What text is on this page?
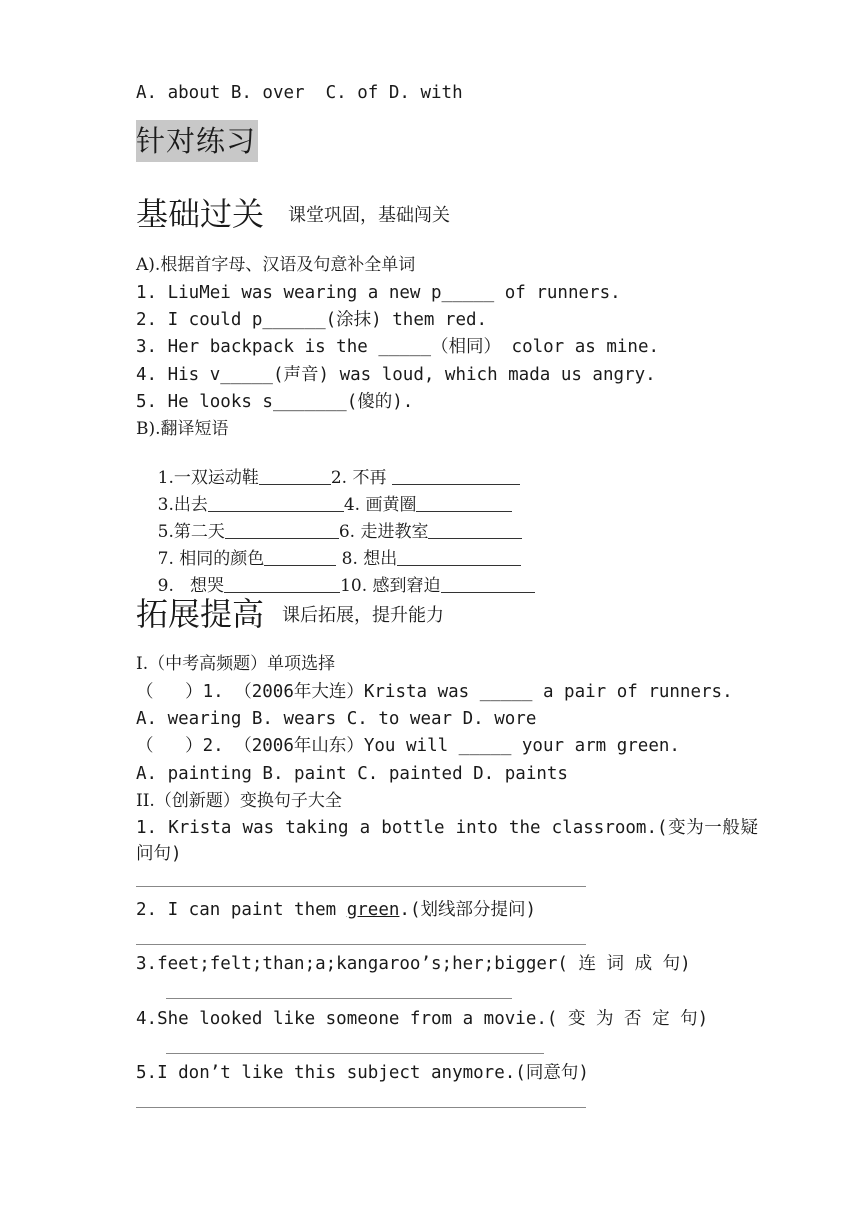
A. about B. over  C. of D. with
针对练习
基础过关 $^{课堂巩固,基础闯关}$
A).根据首字母、汉语及句意补全单词
1. LiuMei was wearing a new p_____ of runners.
2. I could p______(涂抹) them red.
3. Her backpack is the _____（相同） color as mine.
4. His v_____(声音) was loud, which mada us angry.
5. He looks s_______(傻的).
B).翻译短语

1.一双运动鞋	2. 不再

3.出去	4. 画黄圈

5.第二天	6. 走进教室

7. 相同的颜色	8. 想出

9.   想哭	10. 感到窘迫

拓展提高 $^{课后拓展,提升能力}$
Ⅰ.（中考高频题）单项选择
（   ）1. （2006年大连）Krista was _____ a pair of runners.
A. wearing B. wears C. to wear D. wore
（   ）2. （2006年山东）You will _____ your arm green.
A. painting B. paint C. painted D. paints
II.（创新题）变换句子大全
1. Krista was taking a bottle into the classroom.(变为一般疑问句)
2. I can paint them green.(划线部分提问)
3.feet;felt;than;a;kangaroo’s;her;bigger( 连 词 成 句)
4.She looked like someone from a movie.( 变 为 否 定 句)
5.I don’t like this subject anymore.(同意句)
